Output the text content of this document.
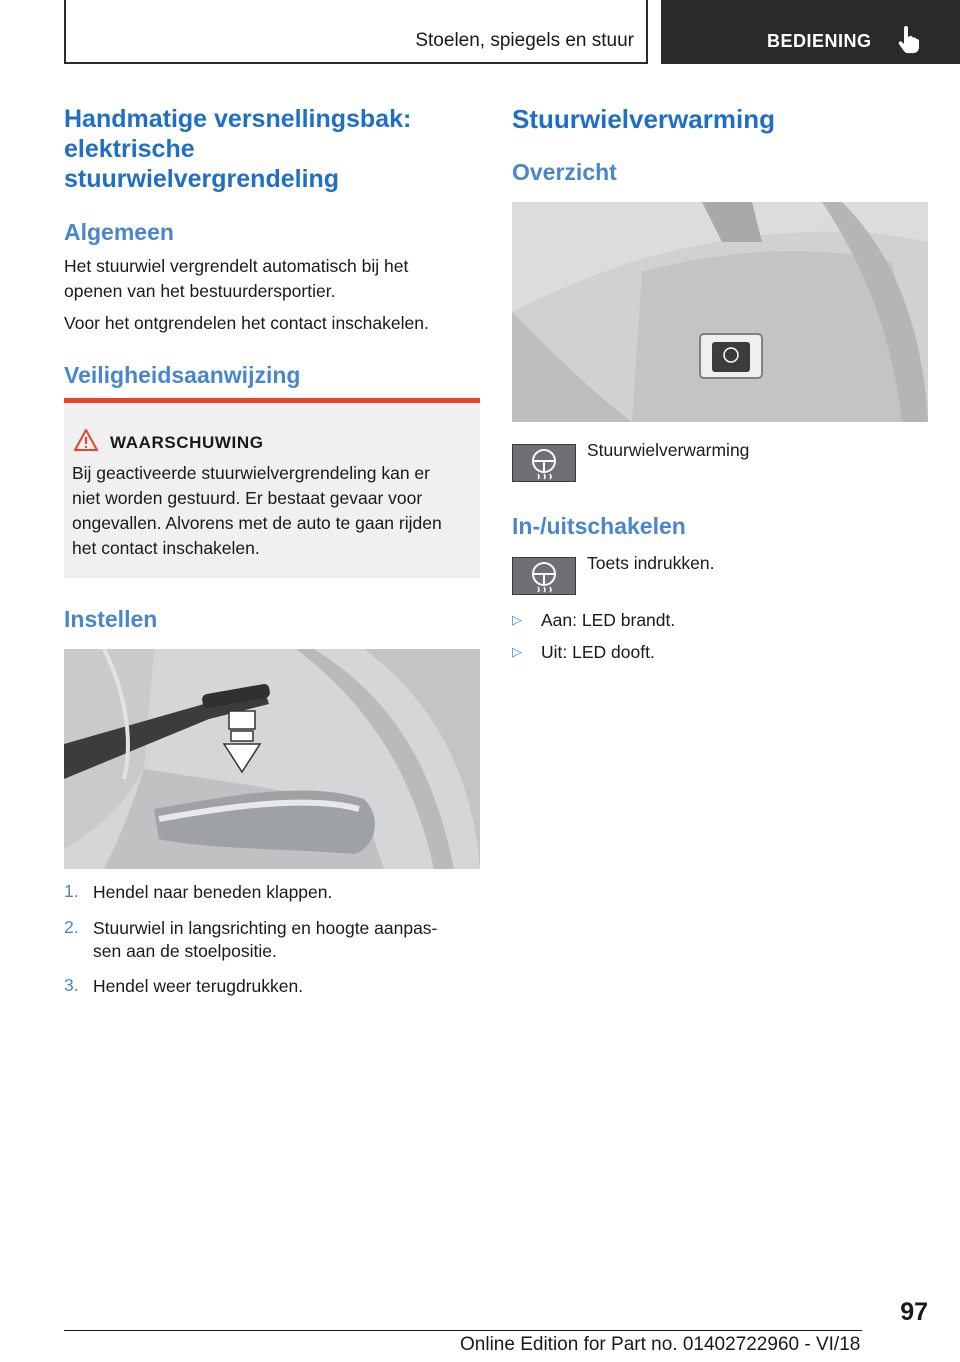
Stoelen, spiegels en stuur	BEDIENING
Handmatige versnellingsbak:
elektrische
stuurwielvergrendeling
Algemeen

Het stuurwiel vergrendelt automatisch bij het
openen van het bestuurdersportier.

Voor het ontgrendelen het contact inschakelen.

Veiligheidsaanwijzing
WAARSCHUWING
Bij geactiveerde stuurwielvergrendeling kan er
niet worden gestuurd. Er bestaat gevaar voor
ongevallen. Alvorens met de auto te gaan rijden
het contact inschakelen.
Instellen
1. Hendel naar beneden klappen.
2. Stuurwiel in langsrichting en hoogte aanpas-
sen aan de stoelpositie.
3. Hendel weer terugdrukken.
Stuurwielverwarming
Overzicht
Stuurwielverwarming
In-/uitschakelen
Toets indrukken.
▷ Aan: LED brandt.
▷ Uit: LED dooft.
97
Online Edition for Part no. 01402722960 - VI/18
